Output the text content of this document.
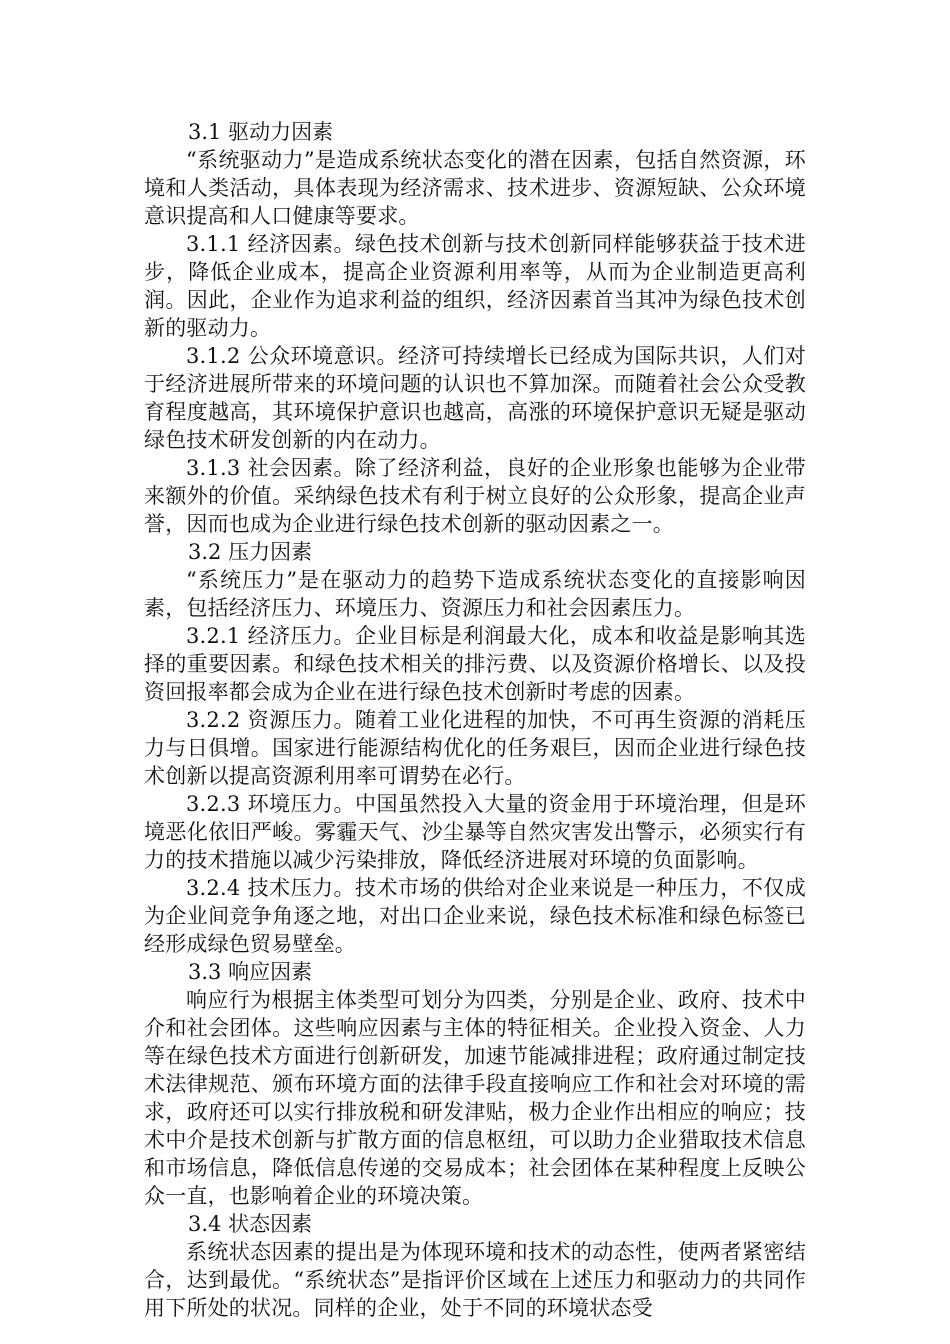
3.1 驱动力因素

“系统驱动力”是造成系统状态变化的潜在因素，包括自然资源，环境和人类活动，具体表现为经济需求、技术进步、资源短缺、公众环境意识提高和人口健康等要求。

3.1.1 经济因素。绿色技术创新与技术创新同样能够获益于技术进步，降低企业成本，提高企业资源利用率等，从而为企业制造更高利润。因此，企业作为追求利益的组织，经济因素首当其冲为绿色技术创新的驱动力。

3.1.2 公众环境意识。经济可持续增长已经成为国际共识，人们对于经济进展所带来的环境问题的认识也不算加深。而随着社会公众受教育程度越高，其环境保护意识也越高，高涨的环境保护意识无疑是驱动绿色技术研发创新的内在动力。

3.1.3 社会因素。除了经济利益，良好的企业形象也能够为企业带来额外的价值。采纳绿色技术有利于树立良好的公众形象，提高企业声誉，因而也成为企业进行绿色技术创新的驱动因素之一。

3.2 压力因素

“系统压力”是在驱动力的趋势下造成系统状态变化的直接影响因素，包括经济压力、环境压力、资源压力和社会因素压力。

3.2.1 经济压力。企业目标是利润最大化，成本和收益是影响其选择的重要因素。和绿色技术相关的排污费、以及资源价格增长、以及投资回报率都会成为企业在进行绿色技术创新时考虑的因素。

3.2.2 资源压力。随着工业化进程的加快，不可再生资源的消耗压力与日俱增。国家进行能源结构优化的任务艰巨，因而企业进行绿色技术创新以提高资源利用率可谓势在必行。

3.2.3 环境压力。中国虽然投入大量的资金用于环境治理，但是环境恶化依旧严峻。雾霾天气、沙尘暴等自然灾害发出警示，必须实行有力的技术措施以减少污染排放，降低经济进展对环境的负面影响。

3.2.4 技术压力。技术市场的供给对企业来说是一种压力，不仅成为企业间竞争角逐之地，对出口企业来说，绿色技术标准和绿色标签已经形成绿色贸易壁垒。

3.3 响应因素

响应行为根据主体类型可划分为四类，分别是企业、政府、技术中介和社会团体。这些响应因素与主体的特征相关。企业投入资金、人力等在绿色技术方面进行创新研发，加速节能减排进程；政府通过制定技术法律规范、颁布环境方面的法律手段直接响应工作和社会对环境的需求，政府还可以实行排放税和研发津贴，极力企业作出相应的响应；技术中介是技术创新与扩散方面的信息枢纽，可以助力企业猎取技术信息和市场信息，降低信息传递的交易成本；社会团体在某种程度上反映公众一直，也影响着企业的环境决策。

3.4 状态因素

系统状态因素的提出是为体现环境和技术的动态性，使两者紧密结合，达到最优。“系统状态”是指评价区域在上述压力和驱动力的共同作用下所处的状况。同样的企业，处于不同的环境状态受
